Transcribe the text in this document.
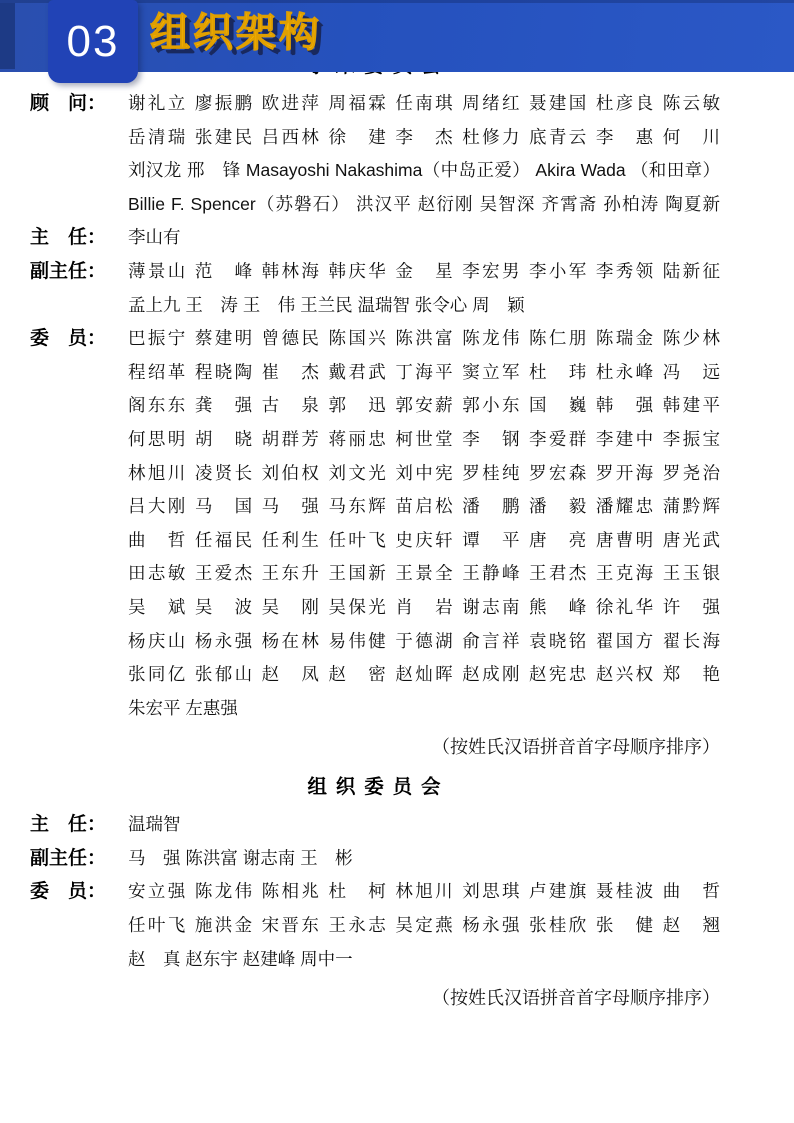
03 组织架构
顾　问：	谢礼立 廖振鹏 欧进萍 周福霖 任南琪 周绪红 聂建国 杜彦良 陈云敏
岳清瑞 张建民 吕西林 徐　建 李　杰 杜修力 底青云 李　惠 何　川
刘汉龙 邢　锋 Masayoshi Nakashima（中岛正爱） Akira Wada （和田章）
Billie F. Spencer（苏磐石） 洪汉平 赵衍刚 吴智深 齐霄斋 孙柏涛 陶夏新
主　任：	李山有
副主任：	薄景山 范　峰 韩林海 韩庆华 金　星 李宏男 李小军 李秀领 陆新征
孟上九 王　涛 王　伟 王兰民 温瑞智 张令心 周　颖
委　员：	巴振宁 蔡建明 曾德民 陈国兴 陈洪富 陈龙伟 陈仁朋 陈瑞金 陈少林
程绍革 程晓陶 崔　杰 戴君武 丁海平 窦立军 杜　玮 杜永峰 冯　远
阁东东 龚　强 古　泉 郭　迅 郭安薪 郭小东 国　巍 韩　强 韩建平
何思明 胡　晓 胡群芳 蒋丽忠 柯世堂 李　钢 李爱群 李建中 李振宝
林旭川 凌贤长 刘伯权 刘文光 刘中宪 罗桂纯 罗宏森 罗开海 罗尧治
吕大刚 马　国 马　强 马东辉 苗启松 潘　鹏 潘　毅 潘耀忠 蒲黔辉
曲　哲 任福民 任利生 任叶飞 史庆轩 谭　平 唐　亮 唐曹明 唐光武
田志敏 王爱杰 王东升 王国新 王景全 王静峰 王君杰 王克海 王玉银
吴　斌 吴　波 吴　刚 吴保光 肖　岩 谢志南 熊　峰 徐礼华 许　强
杨庆山 杨永强 杨在林 易伟健 于德湖 俞言祥 袁晓铭 翟国方 翟长海
张同亿 张郁山 赵　凤 赵　密 赵灿晖 赵成刚 赵宪忠 赵兴权 郑　艳
朱宏平 左惠强
（按姓氏汉语拼音首字母顺序排序）
组 织 委 员 会
主　任：	温瑞智
副主任：	马　强 陈洪富 谢志南 王　彬
委　员：	安立强 陈龙伟 陈相兆 杜　柯 林旭川 刘思琪 卢建旗 聂桂波 曲　哲
任叶飞 施洪金 宋晋东 王永志 吴定燕 杨永强 张桂欣 张　健 赵　翘
赵　真 赵东宇 赵建峰 周中一
（按姓氏汉语拼音首字母顺序排序）
